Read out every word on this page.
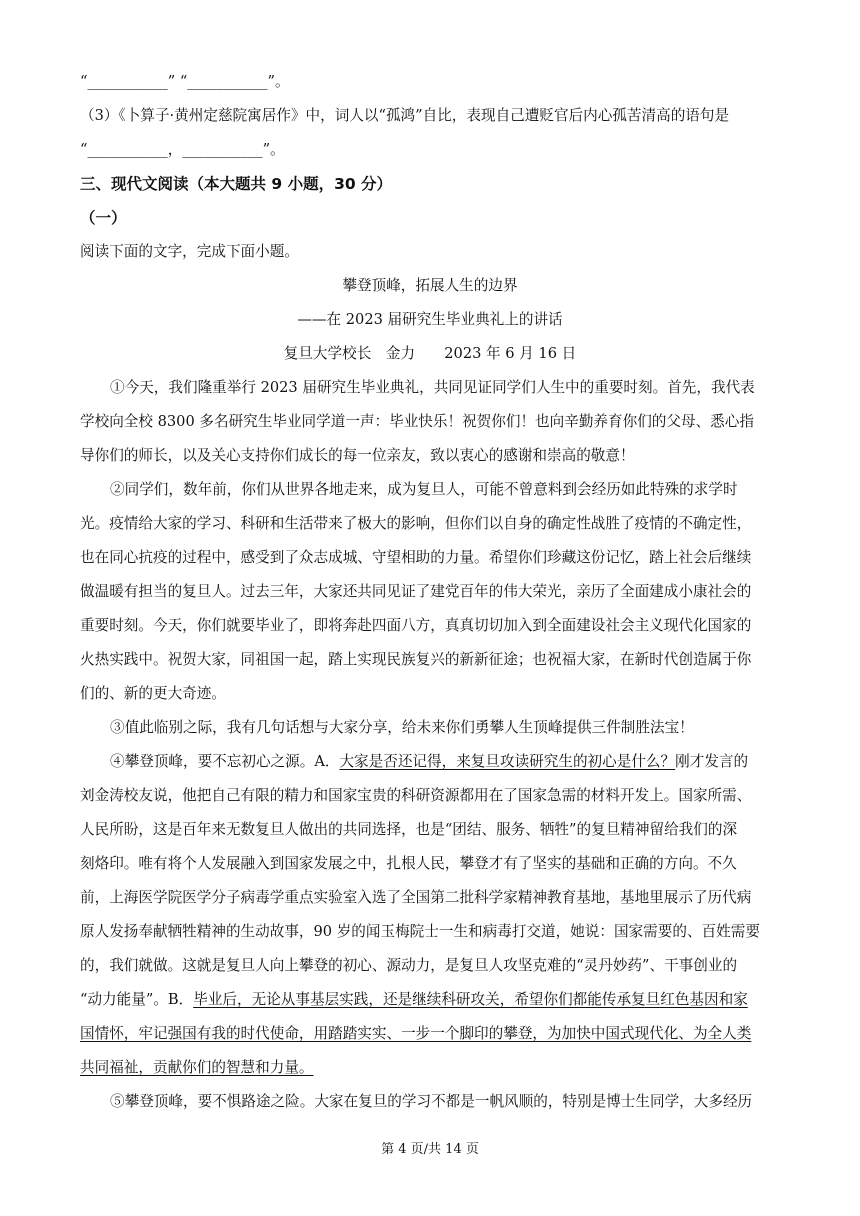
“___________” “___________”。
（3）《卜算子·黄州定慈院寓居作》中，词人以“孤鸿”自比，表现自己遭贬官后内心孤苦清高的语句是
“___________，___________”。
三、现代文阅读（本大题共 9 小题，30 分）
（一）
阅读下面的文字，完成下面小题。
攀登顶峰，拓展人生的边界
——在 2023 届研究生毕业典礼上的讲话
复旦大学校长　金力　　2023 年 6 月 16 日
①今天，我们隆重举行 2023 届研究生毕业典礼，共同见证同学们人生中的重要时刻。首先，我代表
学校向全校 8300 多名研究生毕业同学道一声：毕业快乐！祝贺你们！也向辛勤养育你们的父母、悉心指
导你们的师长，以及关心支持你们成长的每一位亲友，致以衷心的感谢和崇高的敬意！
②同学们，数年前，你们从世界各地走来，成为复旦人，可能不曾意料到会经历如此特殊的求学时
光。疫情给大家的学习、科研和生活带来了极大的影响，但你们以自身的确定性战胜了疫情的不确定性，
也在同心抗疫的过程中，感受到了众志成城、守望相助的力量。希望你们珍藏这份记忆，踏上社会后继续
做温暖有担当的复旦人。过去三年，大家还共同见证了建党百年的伟大荣光，亲历了全面建成小康社会的
重要时刻。今天，你们就要毕业了，即将奔赴四面八方，真真切切加入到全面建设社会主义现代化国家的
火热实践中。祝贺大家，同祖国一起，踏上实现民族复兴的新新征途；也祝福大家，在新时代创造属于你
们的、新的更大奇迹。
③值此临别之际，我有几句话想与大家分享，给未来你们勇攀人生顶峰提供三件制胜法宝！
④攀登顶峰，要不忘初心之源。A．大家是否还记得，来复旦攻读研究生的初心是什么？刚才发言的
刘金涛校友说，他把自己有限的精力和国家宝贵的科研资源都用在了国家急需的材料开发上。国家所需、
人民所盼，这是百年来无数复旦人做出的共同选择，也是“团结、服务、牺牲”的复旦精神留给我们的深
刻烙印。唯有将个人发展融入到国家发展之中，扎根人民，攀登才有了坚实的基础和正确的方向。不久
前，上海医学院医学分子病毒学重点实验室入选了全国第二批科学家精神教育基地，基地里展示了历代病
原人发扬奉献牺牲精神的生动故事，90 岁的闻玉梅院士一生和病毒打交道，她说：国家需要的、百姓需要
的，我们就做。这就是复旦人向上攀登的初心、源动力，是复旦人攻坚克难的“灵丹妙药”、干事创业的
“动力能量”。B．毕业后，无论从事基层实践，还是继续科研攻关，希望你们都能传承复旦红色基因和家
国情怀，牢记强国有我的时代使命，用踏踏实实、一步一个脚印的攀登，为加快中国式现代化、为全人类
共同福祉，贡献你们的智慧和力量。
⑤攀登顶峰，要不惧路途之险。大家在复旦的学习不都是一帆风顺的，特别是博士生同学，大多经历
第 4 页/共 14 页
